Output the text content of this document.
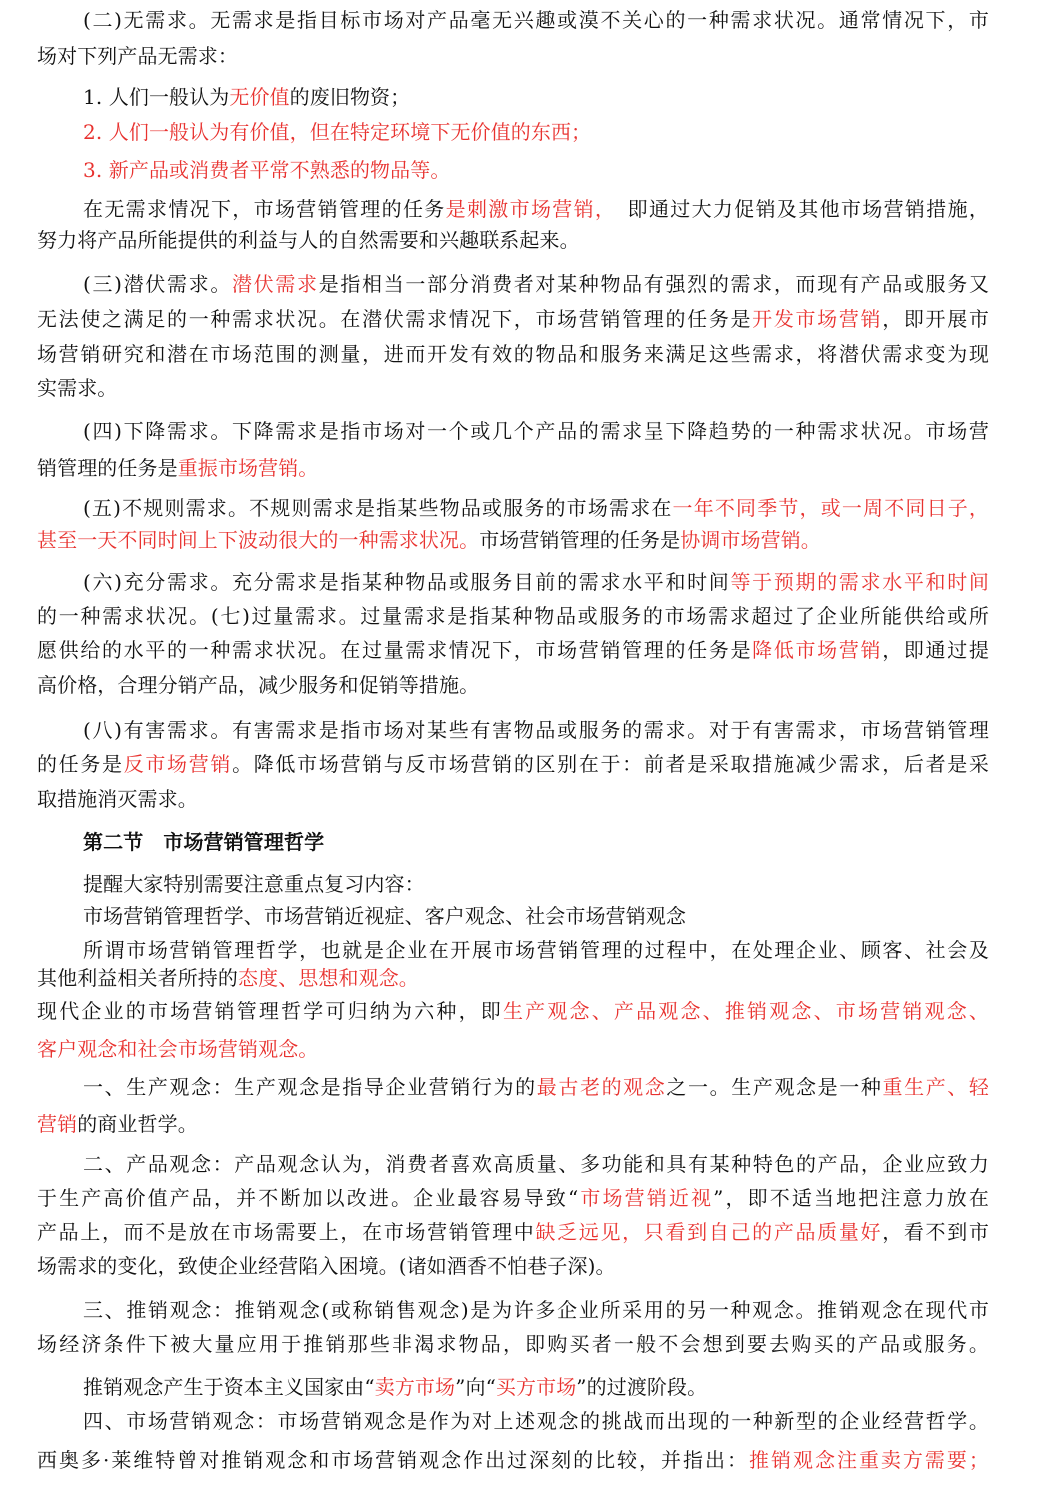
(二)无需求。无需求是指目标市场对产品毫无兴趣或漠不关心的一种需求状况。通常情况下，市
场对下列产品无需求：
1. 人们一般认为无价值的废旧物资；
2. 人们一般认为有价值，但在特定环境下无价值的东西；
3. 新产品或消费者平常不熟悉的物品等。
在无需求情况下，市场营销管理的任务是刺激市场营销，　即通过大力促销及其他市场营销措施，
努力将产品所能提供的利益与人的自然需要和兴趣联系起来。
(三)潜伏需求。潜伏需求是指相当一部分消费者对某种物品有强烈的需求，而现有产品或服务又
无法使之满足的一种需求状况。在潜伏需求情况下，市场营销管理的任务是开发市场营销，即开展市
场营销研究和潜在市场范围的测量，进而开发有效的物品和服务来满足这些需求，将潜伏需求变为现
实需求。
(四)下降需求。下降需求是指市场对一个或几个产品的需求呈下降趋势的一种需求状况。市场营
销管理的任务是重振市场营销。
(五)不规则需求。不规则需求是指某些物品或服务的市场需求在一年不同季节，或一周不同日子，
甚至一天不同时间上下波动很大的一种需求状况。市场营销管理的任务是协调市场营销。
(六)充分需求。充分需求是指某种物品或服务目前的需求水平和时间等于预期的需求水平和时间
的一种需求状况。(七)过量需求。过量需求是指某种物品或服务的市场需求超过了企业所能供给或所
愿供给的水平的一种需求状况。在过量需求情况下，市场营销管理的任务是降低市场营销，即通过提
高价格，合理分销产品，减少服务和促销等措施。
(八)有害需求。有害需求是指市场对某些有害物品或服务的需求。对于有害需求，市场营销管理
的任务是反市场营销。降低市场营销与反市场营销的区别在于：前者是采取措施减少需求，后者是采
取措施消灭需求。
第二节　市场营销管理哲学
提醒大家特别需要注意重点复习内容：
市场营销管理哲学、市场营销近视症、客户观念、社会市场营销观念
所谓市场营销管理哲学，也就是企业在开展市场营销管理的过程中，在处理企业、顾客、社会及
其他利益相关者所持的态度、思想和观念。
现代企业的市场营销管理哲学可归纳为六种，即生产观念、产品观念、推销观念、市场营销观念、
客户观念和社会市场营销观念。
一、生产观念：生产观念是指导企业营销行为的最古老的观念之一。生产观念是一种重生产、轻
营销的商业哲学。
二、产品观念：产品观念认为，消费者喜欢高质量、多功能和具有某种特色的产品，企业应致力
于生产高价值产品，并不断加以改进。企业最容易导致“市场营销近视”，即不适当地把注意力放在
产品上，而不是放在市场需要上，在市场营销管理中缺乏远见，只看到自己的产品质量好，看不到市
场需求的变化，致使企业经营陷入困境。(诸如酒香不怕巷子深)。
三、推销观念：推销观念(或称销售观念)是为许多企业所采用的另一种观念。推销观念在现代市
场经济条件下被大量应用于推销那些非渴求物品，即购买者一般不会想到要去购买的产品或服务。
推销观念产生于资本主义国家由“卖方市场”向“买方市场”的过渡阶段。
四、市场营销观念：市场营销观念是作为对上述观念的挑战而出现的一种新型的企业经营哲学。
西奥多·莱维特曾对推销观念和市场营销观念作出过深刻的比较，并指出：推销观念注重卖方需要；
